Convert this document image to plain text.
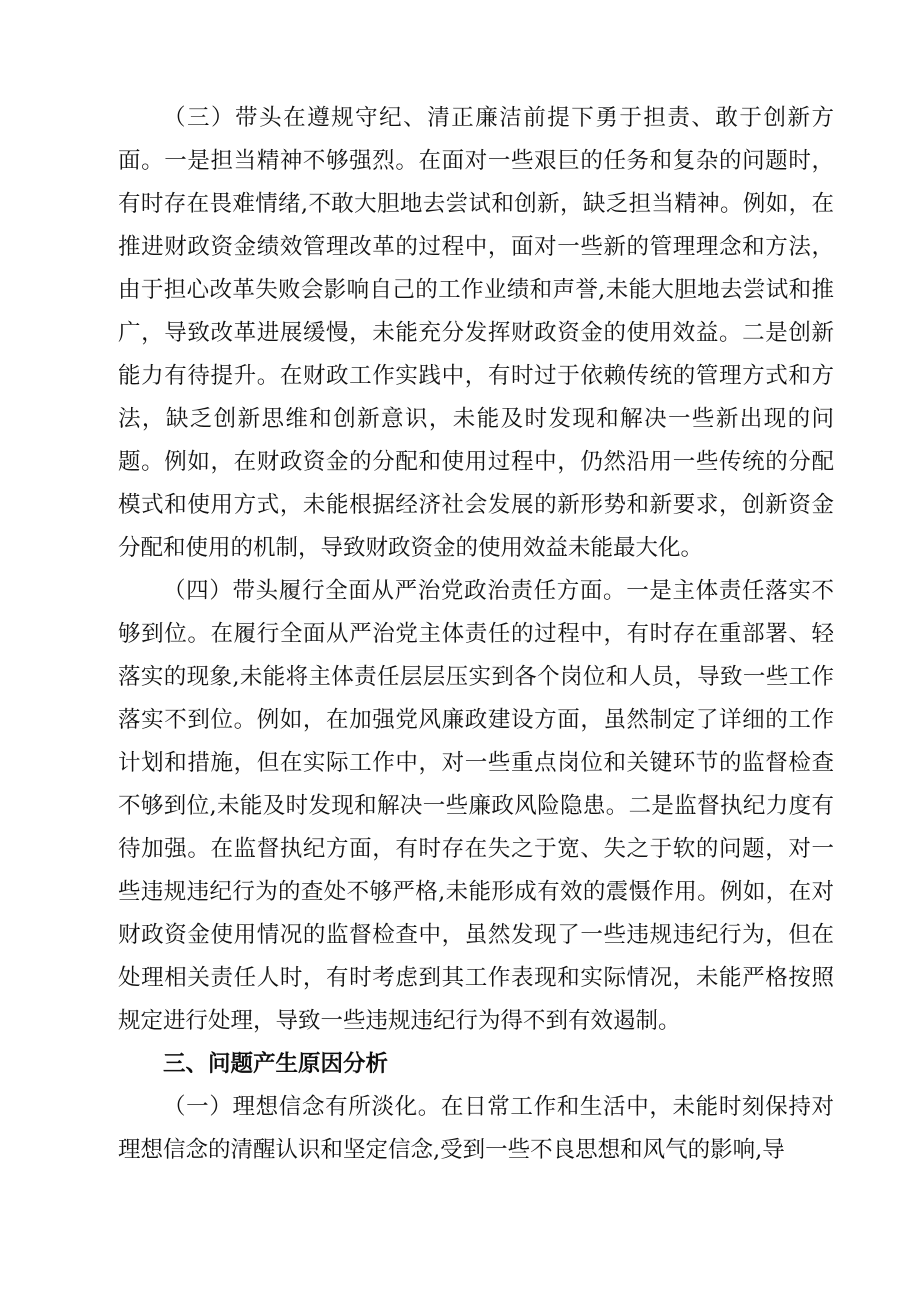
（三）带头在遵规守纪、清正廉洁前提下勇于担责、敢于创新方面。一是担当精神不够强烈。在面对一些艰巨的任务和复杂的问题时，有时存在畏难情绪,不敢大胆地去尝试和创新，缺乏担当精神。例如，在推进财政资金绩效管理改革的过程中，面对一些新的管理理念和方法，由于担心改革失败会影响自己的工作业绩和声誉,未能大胆地去尝试和推广，导致改革进展缓慢，未能充分发挥财政资金的使用效益。二是创新能力有待提升。在财政工作实践中，有时过于依赖传统的管理方式和方法，缺乏创新思维和创新意识，未能及时发现和解决一些新出现的问题。例如，在财政资金的分配和使用过程中，仍然沿用一些传统的分配模式和使用方式，未能根据经济社会发展的新形势和新要求，创新资金分配和使用的机制，导致财政资金的使用效益未能最大化。

（四）带头履行全面从严治党政治责任方面。一是主体责任落实不够到位。在履行全面从严治党主体责任的过程中，有时存在重部署、轻落实的现象,未能将主体责任层层压实到各个岗位和人员，导致一些工作落实不到位。例如，在加强党风廉政建设方面，虽然制定了详细的工作计划和措施，但在实际工作中，对一些重点岗位和关键环节的监督检查不够到位,未能及时发现和解决一些廉政风险隐患。二是监督执纪力度有待加强。在监督执纪方面，有时存在失之于宽、失之于软的问题，对一些违规违纪行为的查处不够严格,未能形成有效的震慑作用。例如，在对财政资金使用情况的监督检查中，虽然发现了一些违规违纪行为，但在处理相关责任人时，有时考虑到其工作表现和实际情况，未能严格按照规定进行处理，导致一些违规违纪行为得不到有效遏制。

三、问题产生原因分析

（一）理想信念有所淡化。在日常工作和生活中，未能时刻保持对理想信念的清醒认识和坚定信念,受到一些不良思想和风气的影响,导
